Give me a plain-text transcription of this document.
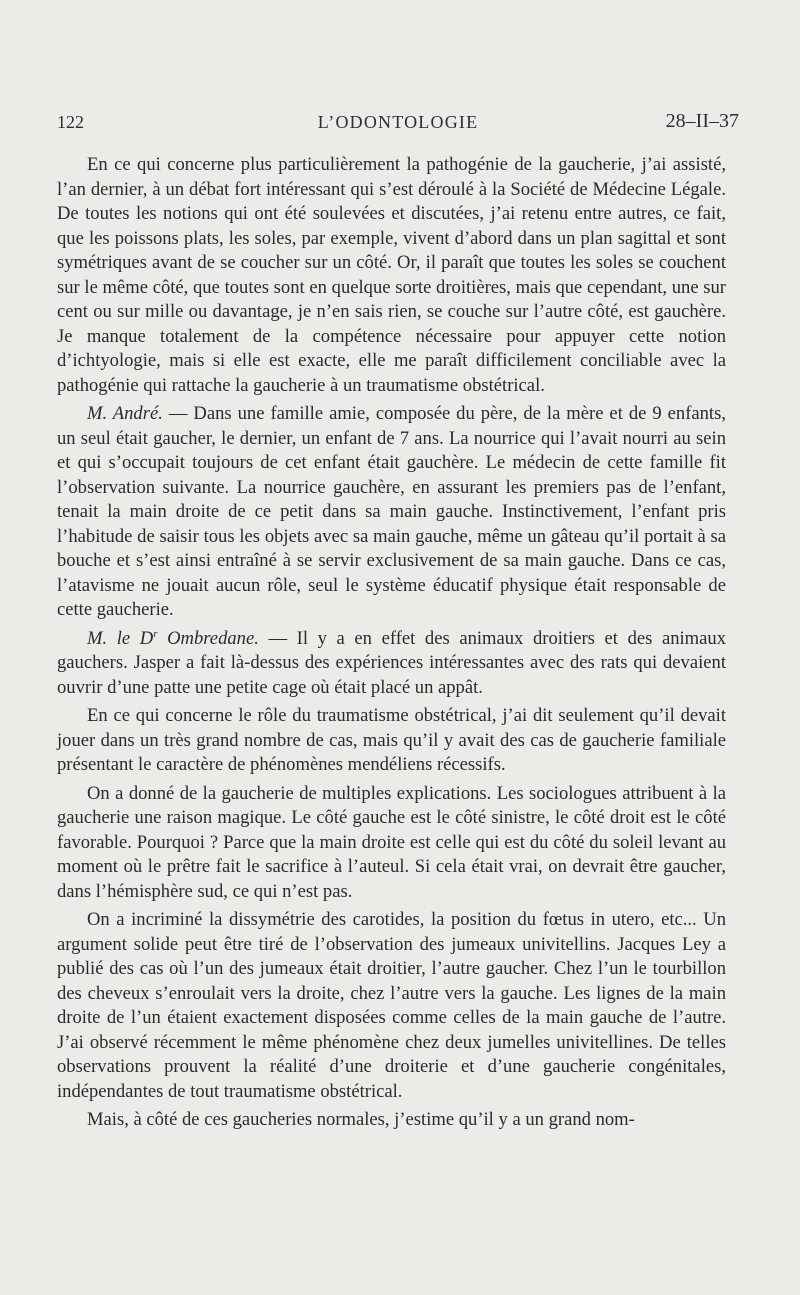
122	L’ODONTOLOGIE	28–II–37

En ce qui concerne plus particulièrement la pathogénie de la gaucherie, j’ai assisté, l’an dernier, à un débat fort intéressant qui s’est déroulé à la Société de Médecine Légale. De toutes les notions qui ont été soulevées et discutées, j’ai retenu entre autres, ce fait, que les poissons plats, les soles, par exemple, vivent d’abord dans un plan sagittal et sont symétriques avant de se coucher sur un côté. Or, il paraît que toutes les soles se couchent sur le même côté, que toutes sont en quelque sorte droitières, mais que cependant, une sur cent ou sur mille ou davantage, je n’en sais rien, se couche sur l’autre côté, est gauchère. Je manque totalement de la compétence nécessaire pour appuyer cette notion d’ichtyologie, mais si elle est exacte, elle me paraît difficilement conciliable avec la pathogénie qui rattache la gaucherie à un traumatisme obstétrical.

M. André. — Dans une famille amie, composée du père, de la mère et de 9 enfants, un seul était gaucher, le dernier, un enfant de 7 ans. La nourrice qui l’avait nourri au sein et qui s’occupait toujours de cet enfant était gauchère. Le médecin de cette famille fit l’observation suivante. La nourrice gauchère, en assurant les premiers pas de l’enfant, tenait la main droite de ce petit dans sa main gauche. Instinctivement, l’enfant pris l’habitude de saisir tous les objets avec sa main gauche, même un gâteau qu’il portait à sa bouche et s’est ainsi entraîné à se servir exclusivement de sa main gauche. Dans ce cas, l’atavisme ne jouait aucun rôle, seul le système éducatif physique était responsable de cette gaucherie.

M. le $D^r$ Ombredane. — Il y a en effet des animaux droitiers et des animaux gauchers. Jasper a fait là-dessus des expériences intéressantes avec des rats qui devaient ouvrir d’une patte une petite cage où était placé un appât.

En ce qui concerne le rôle du traumatisme obstétrical, j’ai dit seulement qu’il devait jouer dans un très grand nombre de cas, mais qu’il y avait des cas de gaucherie familiale présentant le caractère de phénomènes mendéliens récessifs.

On a donné de la gaucherie de multiples explications. Les sociologues attribuent à la gaucherie une raison magique. Le côté gauche est le côté sinistre, le côté droit est le côté favorable. Pourquoi ? Parce que la main droite est celle qui est du côté du soleil levant au moment où le prêtre fait le sacrifice à l’auteul. Si cela était vrai, on devrait être gaucher, dans l’hémisphère sud, ce qui n’est pas.

On a incriminé la dissymétrie des carotides, la position du fœtus in utero, etc... Un argument solide peut être tiré de l’observation des jumeaux univitellins. Jacques Ley a publié des cas où l’un des jumeaux était droitier, l’autre gaucher. Chez l’un le tourbillon des cheveux s’enroulait vers la droite, chez l’autre vers la gauche. Les lignes de la main droite de l’un étaient exactement disposées comme celles de la main gauche de l’autre. J’ai observé récemment le même phénomène chez deux jumelles univitellines. De telles observations prouvent la réalité d’une droiterie et d’une gaucherie congénitales, indépendantes de tout traumatisme obstétrical.

Mais, à côté de ces gaucheries normales, j’estime qu’il y a un grand nom-
